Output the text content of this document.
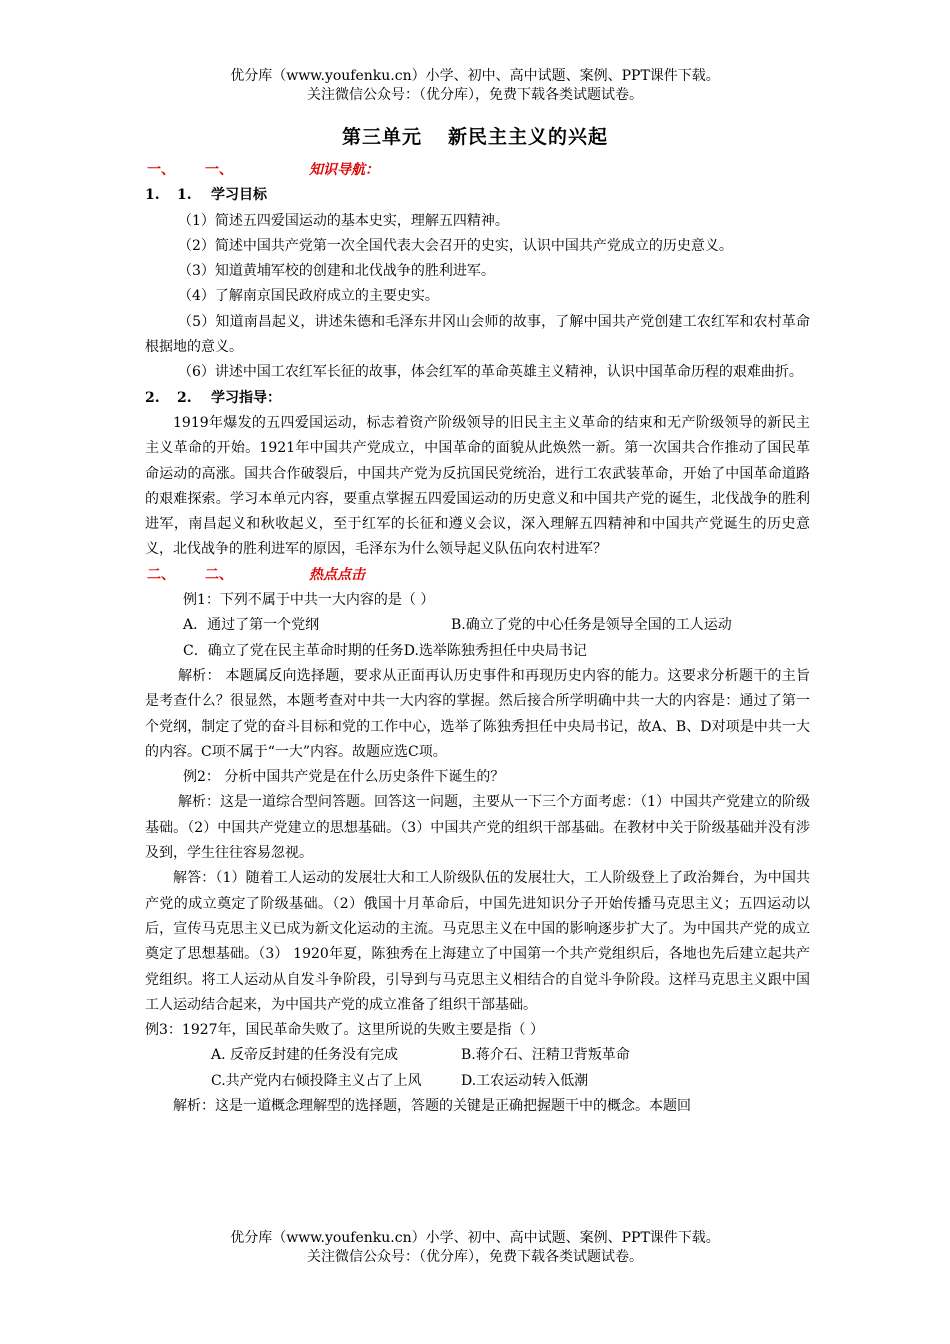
优分库（www.youfenku.cn）小学、初中、高中试题、案例、PPT课件下载。
关注微信公众号：（优分库），免费下载各类试题试卷。
第三单元 新民主主义的兴起

一、 一、	知识导航：

1. 1. 学习目标

（1）简述五四爱国运动的基本史实，理解五四精神。

（2）简述中国共产党第一次全国代表大会召开的史实，认识中国共产党成立的历史意义。

（3）知道黄埔军校的创建和北伐战争的胜利进军。

（4）了解南京国民政府成立的主要史实。

（5）知道南昌起义，讲述朱德和毛泽东井冈山会师的故事，了解中国共产党创建工农红军和农村革命根据地的意义。

（6）讲述中国工农红军长征的故事，体会红军的革命英雄主义精神，认识中国革命历程的艰难曲折。

2. 2. 学习指导：

1919年爆发的五四爱国运动，标志着资产阶级领导的旧民主主义革命的结束和无产阶级领导的新民主主义革命的开始。1921年中国共产党成立，中国革命的面貌从此焕然一新。第一次国共合作推动了国民革命运动的高涨。国共合作破裂后，中国共产党为反抗国民党统治，进行工农武装革命，开始了中国革命道路的艰难探索。学习本单元内容，要重点掌握五四爱国运动的历史意义和中国共产党的诞生，北伐战争的胜利进军，南昌起义和秋收起义，至于红军的长征和遵义会议，深入理解五四精神和中国共产党诞生的历史意义，北伐战争的胜利进军的原因，毛泽东为什么领导起义队伍向农村进军？

二、 二、	热点点击

例1：下列不属于中共一大内容的是（ ）

A．通过了第一个党纲	B.确立了党的中心任务是领导全国的工人运动
C．确立了党在民主革命时期的任务 D.选举陈独秀担任中央局书记

解析： 本题属反向选择题，要求从正面再认历史事件和再现历史内容的能力。这要求分析题干的主旨是考查什么？很显然，本题考查对中共一大内容的掌握。然后接合所学明确中共一大的内容是：通过了第一个党纲，制定了党的奋斗目标和党的工作中心，选举了陈独秀担任中央局书记，故A、B、D对项是中共一大的内容。C项不属于“一大”内容。故题应选C项。

例2： 分析中国共产党是在什么历史条件下诞生的？

解析：这是一道综合型问答题。回答这一问题，主要从一下三个方面考虑：（1）中国共产党建立的阶级基础。（2）中国共产党建立的思想基础。（3）中国共产党的组织干部基础。在教材中关于阶级基础并没有涉及到，学生往往容易忽视。

解答：（1）随着工人运动的发展壮大和工人阶级队伍的发展壮大，工人阶级登上了政治舞台，为中国共产党的成立奠定了阶级基础。（2）俄国十月革命后，中国先进知识分子开始传播马克思主义；五四运动以后，宣传马克思主义已成为新文化运动的主流。马克思主义在中国的影响逐步扩大了。为中国共产党的成立奠定了思想基础。（3） 1920年夏，陈独秀在上海建立了中国第一个共产党组织后，各地也先后建立起共产党组织。将工人运动从自发斗争阶段，引导到与马克思主义相结合的自觉斗争阶段。这样马克思主义跟中国工人运动结合起来，为中国共产党的成立准备了组织干部基础。

例3：1927年，国民革命失败了。这里所说的失败主要是指（ ）

A. 反帝反封建的任务没有完成	B.蒋介石、汪精卫背叛革命
C.共产党内右倾投降主义占了上风	D.工农运动转入低潮

解析：这是一道概念理解型的选择题，答题的关键是正确把握题干中的概念。本题回

优分库（www.youfenku.cn）小学、初中、高中试题、案例、PPT课件下载。
关注微信公众号：（优分库），免费下载各类试题试卷。
